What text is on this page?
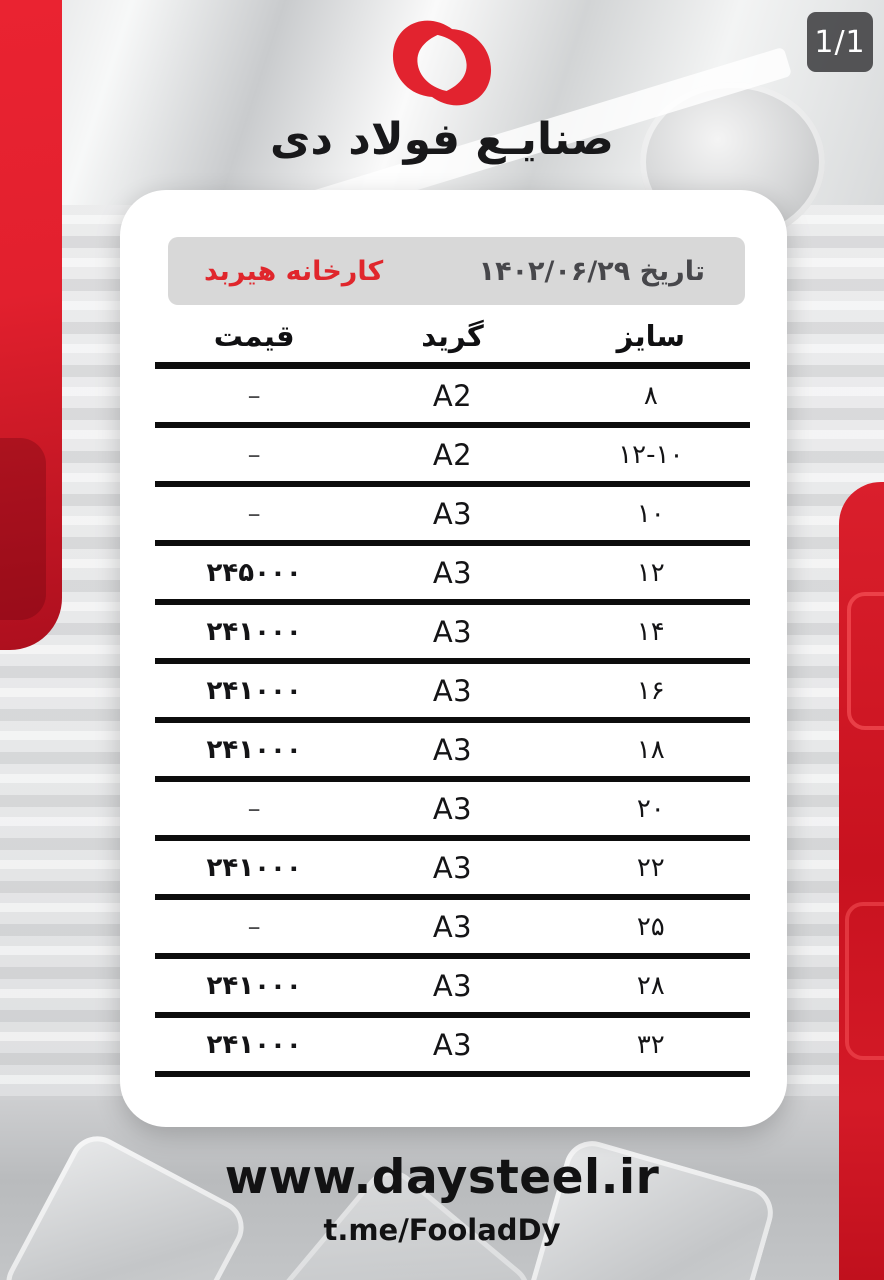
1/1
صنایـع فولاد دی
کارخانه هیربد	تاریخ ۱۴۰۲/۰۶/۲۹
قیمت	گرید	سایز
–	A2	۸
–	A2	۱۲-۱۰
–	A3	۱۰
۲۴۵۰۰۰	A3	۱۲
۲۴۱۰۰۰	A3	۱۴
۲۴۱۰۰۰	A3	۱۶
۲۴۱۰۰۰	A3	۱۸
–	A3	۲۰
۲۴۱۰۰۰	A3	۲۲
–	A3	۲۵
۲۴۱۰۰۰	A3	۲۸
۲۴۱۰۰۰	A3	۳۲
www.daysteel.ir
t.me/FooladDy
